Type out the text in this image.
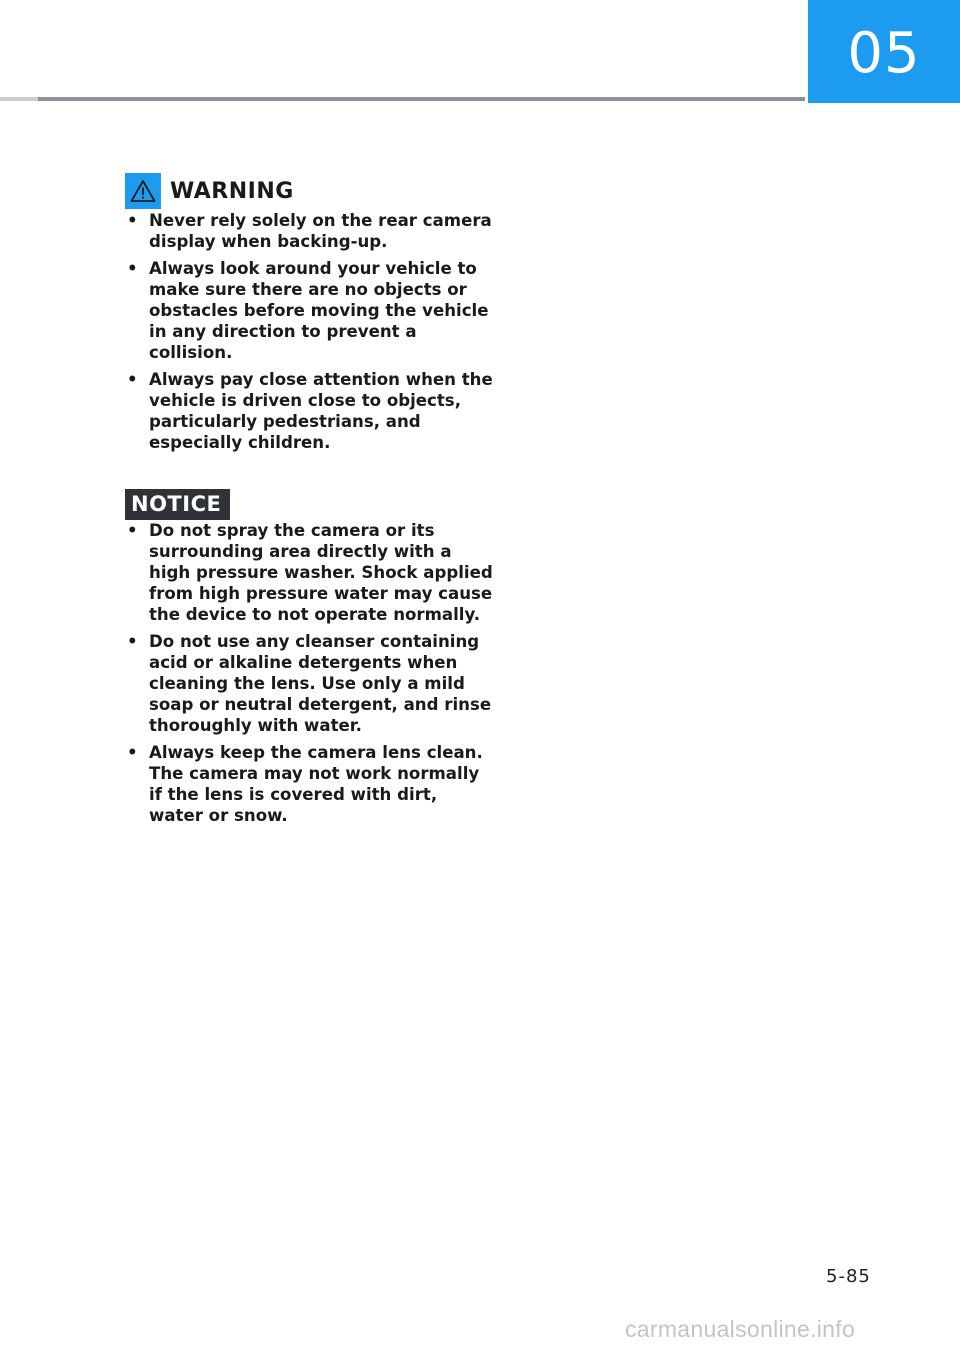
05
WARNING
• Never rely solely on the rear camera display when backing-up.
• Always look around your vehicle to make sure there are no objects or obstacles before moving the vehicle in any direction to prevent a collision.
• Always pay close attention when the vehicle is driven close to objects, particularly pedestrians, and especially children.
NOTICE
• Do not spray the camera or its surrounding area directly with a high pressure washer. Shock applied from high pressure water may cause the device to not operate normally.
• Do not use any cleanser containing acid or alkaline detergents when cleaning the lens. Use only a mild soap or neutral detergent, and rinse thoroughly with water.
• Always keep the camera lens clean. The camera may not work normally if the lens is covered with dirt, water or snow.
5-85
carmanualsonline.info
